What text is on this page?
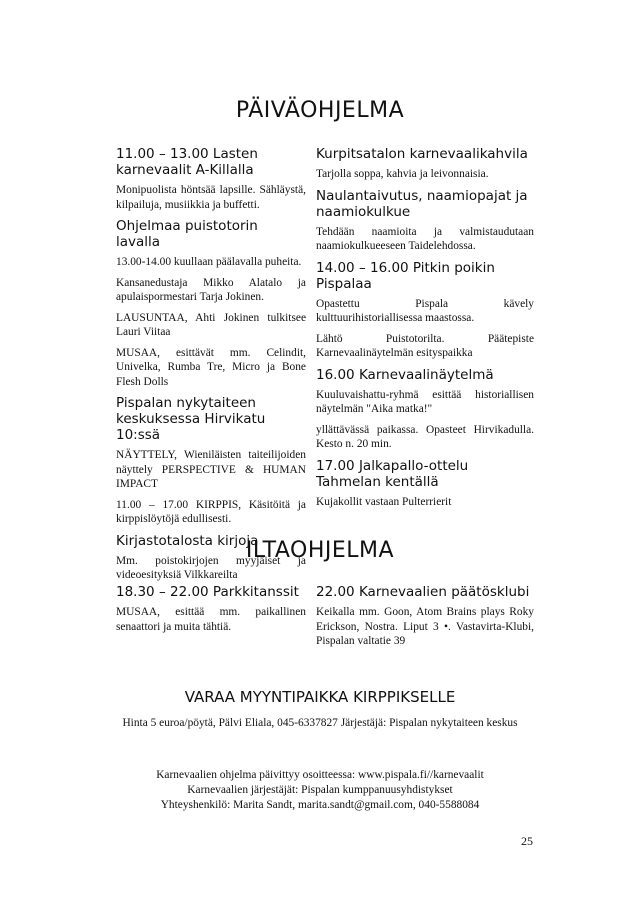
PÄIVÄOHJELMA
11.00 – 13.00 Lasten karnevaalit A-Killalla
Monipuolista höntsää lapsille. Sähläystä, kilpailuja, musiikkia ja buffetti.
Ohjelmaa puistotorin lavalla
13.00-14.00 kuullaan päälavalla puheita.
Kansanedustaja Mikko Alatalo ja apulaispormestari Tarja Jokinen.
LAUSUNTAA, Ahti Jokinen tulkitsee Lauri Viitaa
MUSAA, esittävät mm. Celindit, Univelka, Rumba Tre, Micro ja Bone Flesh Dolls
Pispalan nykytaiteen keskuksessa Hirvikatu 10:ssä
NÄYTTELY, Wieniläisten taiteilijoiden näyttely PERSPECTIVE & HUMAN IMPACT
11.00 – 17.00 KIRPPIS, Käsitöitä ja kirppislöytöjä edullisesti.
Kirjastotalosta kirjoja
Mm. poistokirjojen myyjäiset ja videoesityksiä Vilkkareilta
Kurpitsatalon karnevaalikahvila
Tarjolla soppa, kahvia ja leivonnaisia.
Naulantaivutus, naamiopajat ja naamiokulkue
Tehdään naamioita ja valmistaudutaan naamiokulkueeseen Taidelehdossa.
14.00 – 16.00 Pitkin poikin Pispalaa
Opastettu Pispala kävely kulttuurihistoriallisessa maastossa.
Lähtö Puistotorilta. Päätepiste Karnevaalinäytelmän esityspaikka
16.00 Karnevaalinäytelmä
Kuuluvaishattu-ryhmä esittää historiallisen näytelmän "Aika matka!"
yllättävässä paikassa. Opasteet Hirvikadulla. Kesto n. 20 min.
17.00 Jalkapallo-ottelu Tahmelan kentällä
Kujakollit vastaan Pulterrierit
ILTAOHJELMA
18.30 – 22.00 Parkkitanssit
MUSAA, esittää mm. paikallinen senaattori ja muita tähtiä.
22.00 Karnevaalien päätösklubi
Keikalla mm. Goon, Atom Brains plays Roky Erickson, Nostra. Liput 3 •. Vastavirta-Klubi, Pispalan valtatie 39
VARAA MYYNTIPAIKKA KIRPPIKSELLE
Hinta 5 euroa/pöytä, Pälvi Eliala, 045-6337827 Järjestäjä: Pispalan nykytaiteen keskus
Karnevaalien ohjelma päivittyy osoitteessa: www.pispala.fi//karnevaalit
Karnevaalien järjestäjät: Pispalan kumppanuusyhdistykset
Yhteyshenkilö: Marita Sandt, marita.sandt@gmail.com, 040-5588084
25
